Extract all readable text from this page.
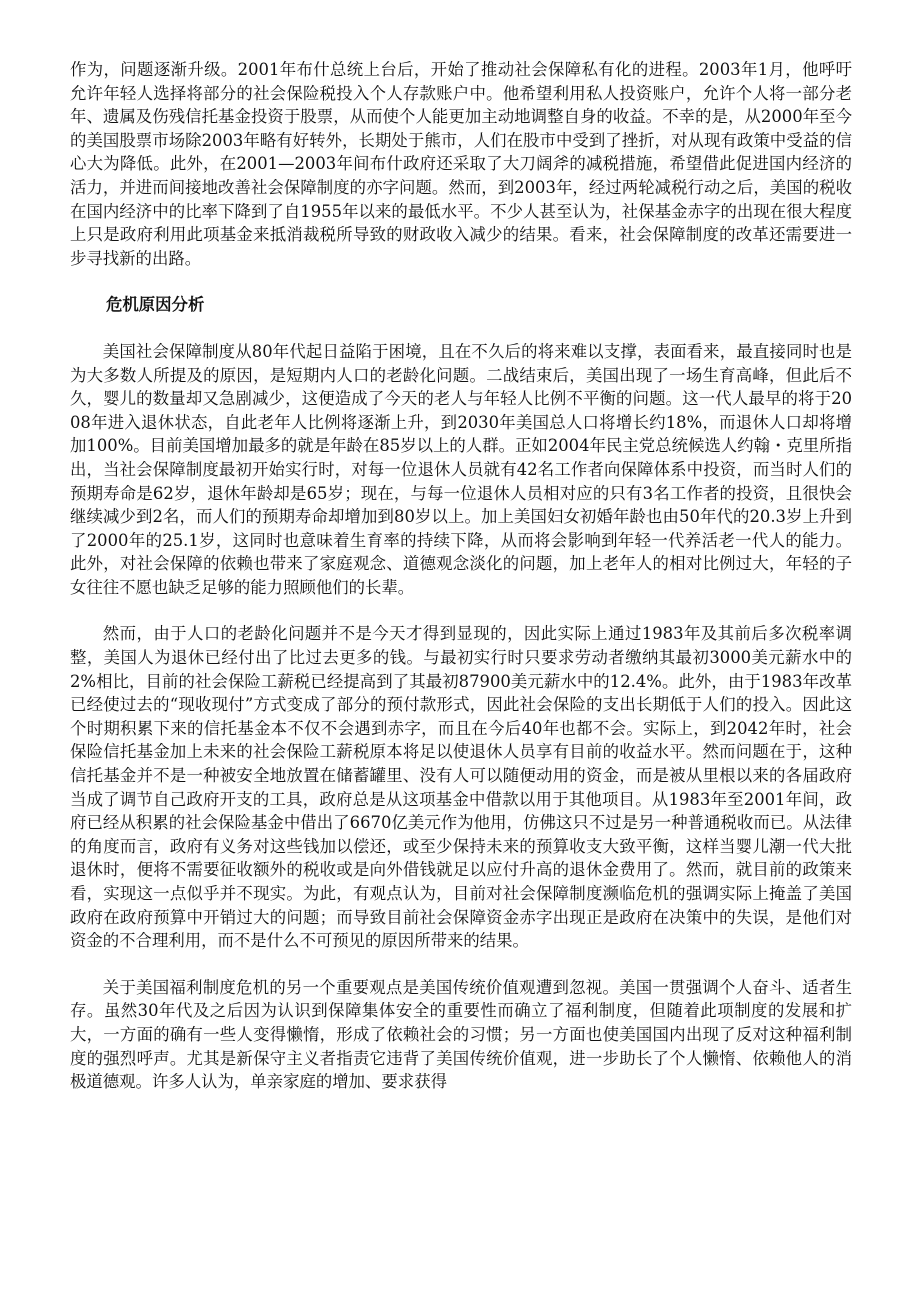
作为，问题逐渐升级。2001年布什总统上台后，开始了推动社会保障私有化的进程。2003年1月，他呼吁允许年轻人选择将部分的社会保险税投入个人存款账户中。他希望利用私人投资账户，允许个人将一部分老年、遗属及伤残信托基金投资于股票，从而使个人能更加主动地调整自身的收益。不幸的是，从2000年至今的美国股票市场除2003年略有好转外，长期处于熊市，人们在股市中受到了挫折，对从现有政策中受益的信心大为降低。此外，在2001—2003年间布什政府还采取了大刀阔斧的减税措施，希望借此促进国内经济的活力，并进而间接地改善社会保障制度的亦字问题。然而，到2003年，经过两轮减税行动之后，美国的税收在国内经济中的比率下降到了自1955年以来的最低水平。不少人甚至认为，社保基金赤字的出现在很大程度上只是政府利用此项基金来抵消裁税所导致的财政收入减少的结果。看来，社会保障制度的改革还需要进一步寻找新的出路。

危机原因分析

美国社会保障制度从80年代起日益陷于困境，且在不久后的将来难以支撑，表面看来，最直接同时也是为大多数人所提及的原因，是短期内人口的老龄化问题。二战结束后，美国出现了一场生育高峰，但此后不久，婴儿的数量却又急剧减少，这便造成了今天的老人与年轻人比例不平衡的问题。这一代人最早的将于2008年进入退休状态，自此老年人比例将逐渐上升，到2030年美国总人口将增长约18%，而退休人口却将增加100%。目前美国增加最多的就是年龄在85岁以上的人群。正如2004年民主党总统候选人约翰・克里所指出，当社会保障制度最初开始实行时，对每一位退休人员就有42名工作者向保障体系中投资，而当时人们的预期寿命是62岁，退休年龄却是65岁；现在，与每一位退休人员相对应的只有3名工作者的投资，且很快会继续减少到2名，而人们的预期寿命却增加到80岁以上。加上美国妇女初婚年龄也由50年代的20.3岁上升到了2000年的25.1岁，这同时也意味着生育率的持续下降，从而将会影响到年轻一代养活老一代人的能力。此外，对社会保障的依赖也带来了家庭观念、道德观念淡化的问题，加上老年人的相对比例过大，年轻的子女往往不愿也缺乏足够的能力照顾他们的长辈。

然而，由于人口的老龄化问题并不是今天才得到显现的，因此实际上通过1983年及其前后多次税率调整，美国人为退休已经付出了比过去更多的钱。与最初实行时只要求劳动者缴纳其最初3000美元薪水中的2%相比，目前的社会保险工薪税已经提高到了其最初87900美元薪水中的12.4%。此外，由于1983年改革已经使过去的“现收现付”方式变成了部分的预付款形式，因此社会保险的支出长期低于人们的投入。因此这个时期积累下来的信托基金本不仅不会遇到赤字，而且在今后40年也都不会。实际上，到2042年时，社会保险信托基金加上未来的社会保险工薪税原本将足以使退休人员享有目前的收益水平。然而问题在于，这种信托基金并不是一种被安全地放置在储蓄罐里、没有人可以随便动用的资金，而是被从里根以来的各届政府当成了调节自己政府开支的工具，政府总是从这项基金中借款以用于其他项目。从1983年至2001年间，政府已经从积累的社会保险基金中借出了6670亿美元作为他用，仿佛这只不过是另一种普通税收而已。从法律的角度而言，政府有义务对这些钱加以偿还，或至少保持未来的预算收支大致平衡，这样当婴儿潮一代大批退休时，便将不需要征收额外的税收或是向外借钱就足以应付升高的退休金费用了。然而，就目前的政策来看，实现这一点似乎并不现实。为此，有观点认为，目前对社会保障制度濒临危机的强调实际上掩盖了美国政府在政府预算中开销过大的问题；而导致目前社会保障资金赤字出现正是政府在决策中的失误，是他们对资金的不合理利用，而不是什么不可预见的原因所带来的结果。

关于美国福利制度危机的另一个重要观点是美国传统价值观遭到忽视。美国一贯强调个人奋斗、适者生存。虽然30年代及之后因为认识到保障集体安全的重要性而确立了福利制度，但随着此项制度的发展和扩大，一方面的确有一些人变得懒惰，形成了依赖社会的习惯；另一方面也使美国国内出现了反对这种福利制度的强烈呼声。尤其是新保守主义者指责它违背了美国传统价值观，进一步助长了个人懒惰、依赖他人的消极道德观。许多人认为，单亲家庭的增加、要求获得
